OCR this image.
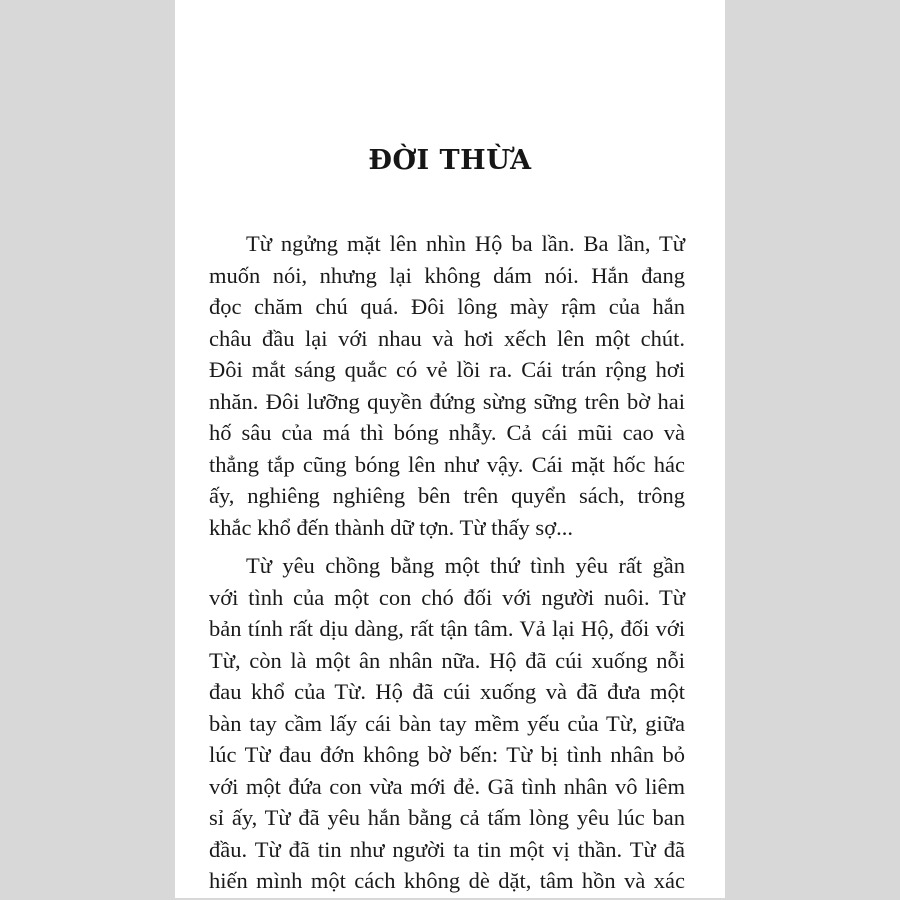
ĐỜI THỪA
Từ ngửng mặt lên nhìn Hộ ba lần. Ba lần, Từ
muốn nói, nhưng lại không dám nói. Hắn đang
đọc chăm chú quá. Đôi lông mày rậm của hắn
châu đầu lại với nhau và hơi xếch lên một chút.
Đôi mắt sáng quắc có vẻ lồi ra. Cái trán rộng hơi
nhăn. Đôi lưỡng quyền đứng sừng sững trên bờ hai
hố sâu của má thì bóng nhẫy. Cả cái mũi cao và
thẳng tắp cũng bóng lên như vậy. Cái mặt hốc hác
ấy, nghiêng nghiêng bên trên quyển sách, trông
khắc khổ đến thành dữ tợn. Từ thấy sợ...
Từ yêu chồng bằng một thứ tình yêu rất gần
với tình của một con chó đối với người nuôi. Từ
bản tính rất dịu dàng, rất tận tâm. Vả lại Hộ, đối với
Từ, còn là một ân nhân nữa. Hộ đã cúi xuống nỗi
đau khổ của Từ. Hộ đã cúi xuống và đã đưa một
bàn tay cầm lấy cái bàn tay mềm yếu của Từ, giữa
lúc Từ đau đớn không bờ bến: Từ bị tình nhân bỏ
với một đứa con vừa mới đẻ. Gã tình nhân vô liêm
sỉ ấy, Từ đã yêu hắn bằng cả tấm lòng yêu lúc ban
đầu. Từ đã tin như người ta tin một vị thần. Từ đã
hiến mình một cách không dè dặt, tâm hồn và xác
